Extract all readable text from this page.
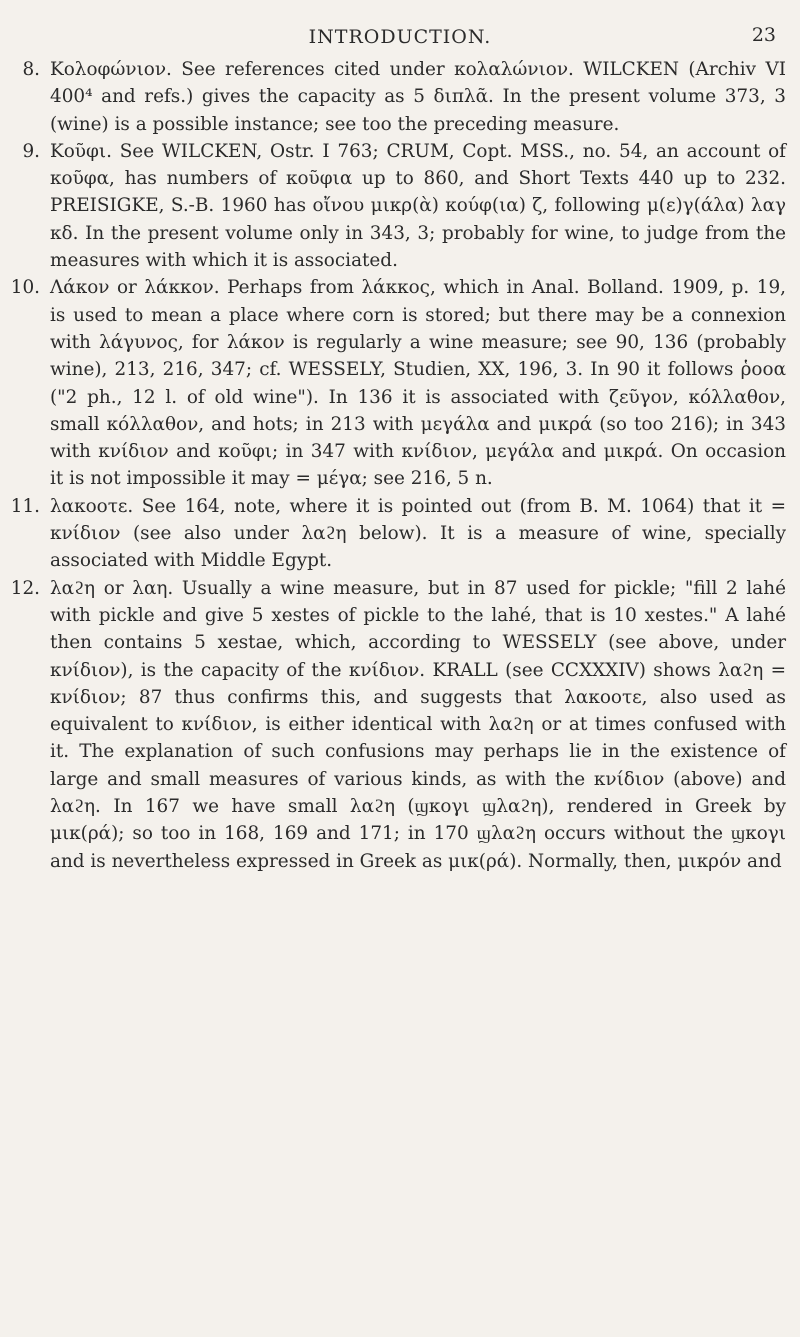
INTRODUCTION.	23
8. Κολοφώνιον. See references cited under κολαλώνιον. WILCKEN (Archiv VI 400⁴ and refs.) gives the capacity as 5 διπλᾶ. In the present volume 373, 3 (wine) is a possible instance; see too the preceding measure.
9. Κοῦφι. See WILCKEN, Ostr. I 763; CRUM, Copt. MSS., no. 54, an account of κοῦφα, has numbers of κοῦφια up to 860, and Short Texts 440 up to 232. PREISIGKE, S.-B. 1960 has οἴνου μικρ(ὰ) κούφ(ια) ζ, following μ(ε)γ(άλα) λαγ κδ. In the present volume only in 343, 3; probably for wine, to judge from the measures with which it is associated.
10. Λάκον or λάκκον. Perhaps from λάκκος, which in Anal. Bolland. 1909, p. 19, is used to mean a place where corn is stored; but there may be a connexion with λάγυνος, for λάκον is regularly a wine measure; see 90, 136 (probably wine), 213, 216, 347; cf. WESSELY, Studien, XX, 196, 3. In 90 it follows ῥοοα ("2 ph., 12 l. of old wine"). In 136 it is associated with ζεῦγον, κόλλαθον, small κόλλαθον, and hots; in 213 with μεγάλα and μικρά (so too 216); in 343 with κνίδιον and κοῦφι; in 347 with κνίδιον, μεγάλα and μικρά. On occasion it is not impossible it may = μέγα; see 216, 5 n.
11. λακοοτε. See 164, note, where it is pointed out (from B. M. 1064) that it = κνίδιον (see also under λαϩη below). It is a measure of wine, specially associated with Middle Egypt.
12. λαϩη or λαη. Usually a wine measure, but in 87 used for pickle; "fill 2 lahé with pickle and give 5 xestes of pickle to the lahé, that is 10 xestes." A lahé then contains 5 xestae, which, according to WESSELY (see above, under κνίδιον), is the capacity of the κνίδιον. KRALL (see CCXXXIV) shows λαϩη = κνίδιον; 87 thus confirms this, and suggests that λακοοτε, also used as equivalent to κνίδιον, is either identical with λαϩη or at times confused with it. The explanation of such confusions may perhaps lie in the existence of large and small measures of various kinds, as with the κνίδιον (above) and λαϩη. In 167 we have small λαϩη (ϣκογι ϣλαϩη), rendered in Greek by μικ(ρά); so too in 168, 169 and 171; in 170 ϣλαϩη occurs without the ϣκογι and is nevertheless expressed in Greek as μικ(ρά). Normally, then, μικρόν and
